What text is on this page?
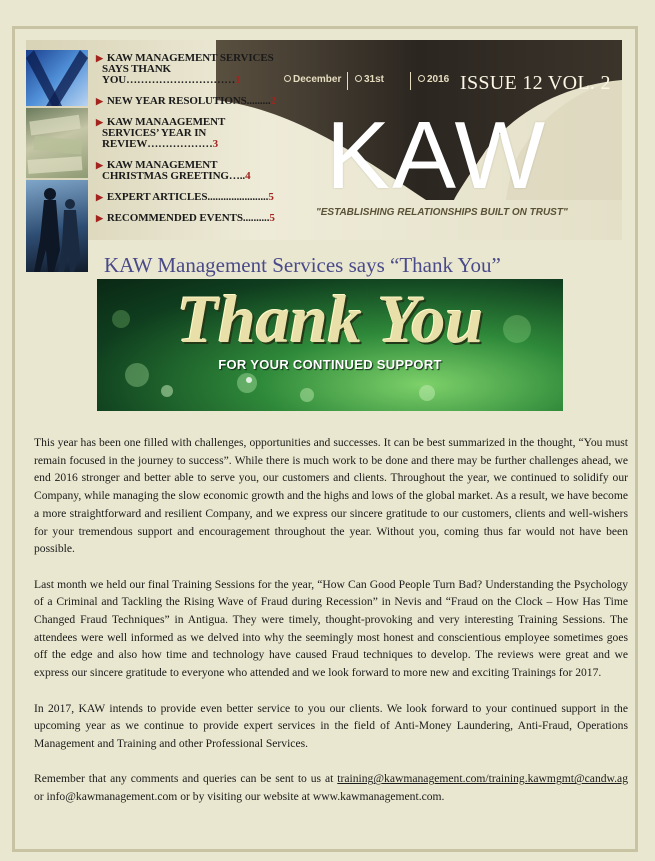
▶ KAW MANAGEMENT SERVICES SAYS THANK YOU…………………………1
▶ NEW YEAR RESOLUTIONS.........2
▶ KAW MANAAGEMENT SERVICES’ YEAR IN REVIEW………………3
▶ KAW MANAGEMENT CHRISTMAS GREETING…..4
▶ EXPERT ARTICLES.......................5
▶ RECOMMENDED EVENTS..........5
December	31st	2016 ISSUE 12 VOL. 2
KAW
"ESTABLISHING RELATIONSHIPS BUILT ON TRUST"
KAW Management Services says “Thank You”
Thank You
FOR YOUR CONTINUED SUPPORT

This year has been one filled with challenges, opportunities and successes. It can be best summarized in the thought, “You must remain focused in the journey to success”. While there is much work to be done and there may be further challenges ahead, we end 2016 stronger and better able to serve you, our customers and clients. Throughout the year, we continued to solidify our Company, while managing the slow economic growth and the highs and lows of the global market. As a result, we have become a more straightforward and resilient Company, and we express our sincere gratitude to our customers, clients and well-wishers for your tremendous support and encouragement throughout the year. Without you, coming thus far would not have been possible.

Last month we held our final Training Sessions for the year, “How Can Good People Turn Bad? Understanding the Psychology of a Criminal and Tackling the Rising Wave of Fraud during Recession” in Nevis and “Fraud on the Clock – How Has Time Changed Fraud Techniques” in Antigua. They were timely, thought-provoking and very interesting Training Sessions. The attendees were well informed as we delved into why the seemingly most honest and conscientious employee sometimes goes off the edge and also how time and technology have caused Fraud techniques to develop. The reviews were great and we express our sincere gratitude to everyone who attended and we look forward to more new and exciting Trainings for 2017.

In 2017, KAW intends to provide even better service to you our clients. We look forward to your continued support in the upcoming year as we continue to provide expert services in the field of Anti-Money Laundering, Anti-Fraud, Operations Management and Training and other Professional Services.

Remember that any comments and queries can be sent to us at training@kawmanagement.com/training.kawmgmt@candw.ag or info@kawmanagement.com or by visiting our website at www.kawmanagement.com.
